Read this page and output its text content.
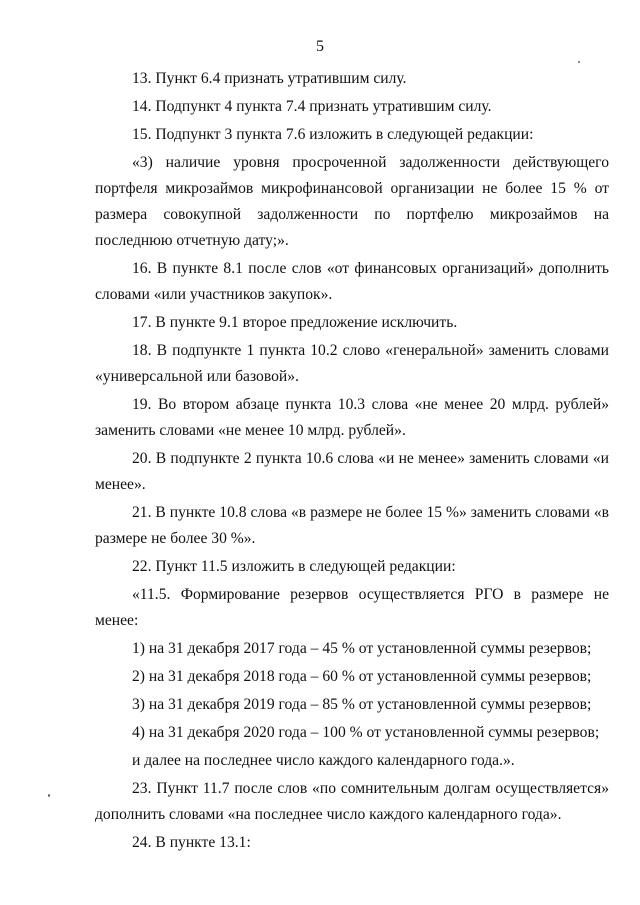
5

13. Пункт 6.4 признать утратившим силу.

14. Подпункт 4 пункта 7.4 признать утратившим силу.

15. Подпункт 3 пункта 7.6 изложить в следующей редакции:

«3) наличие уровня просроченной задолженности действующего портфеля микрозаймов микрофинансовой организации не более 15 % от размера совокупной задолженности по портфелю микрозаймов на последнюю отчетную дату;».

16. В пункте 8.1 после слов «от финансовых организаций» дополнить словами «или участников закупок».

17. В пункте 9.1 второе предложение исключить.

18. В подпункте 1 пункта 10.2 слово «генеральной» заменить словами «универсальной или базовой».

19. Во втором абзаце пункта 10.3 слова «не менее 20 млрд. рублей» заменить словами «не менее 10 млрд. рублей».

20. В подпункте 2 пункта 10.6 слова «и не менее» заменить словами «и менее».

21. В пункте 10.8 слова «в размере не более 15 %» заменить словами «в размере не более 30 %».

22. Пункт 11.5 изложить в следующей редакции:

«11.5. Формирование резервов осуществляется РГО в размере не менее:

1) на 31 декабря 2017 года – 45 % от установленной суммы резервов;

2) на 31 декабря 2018 года – 60 % от установленной суммы резервов;

3) на 31 декабря 2019 года – 85 % от установленной суммы резервов;

4) на 31 декабря 2020 года – 100 % от установленной суммы резервов;

и далее на последнее число каждого календарного года.».

23. Пункт 11.7 после слов «по сомнительным долгам осуществляется» дополнить словами «на последнее число каждого календарного года».

24. В пункте 13.1:
